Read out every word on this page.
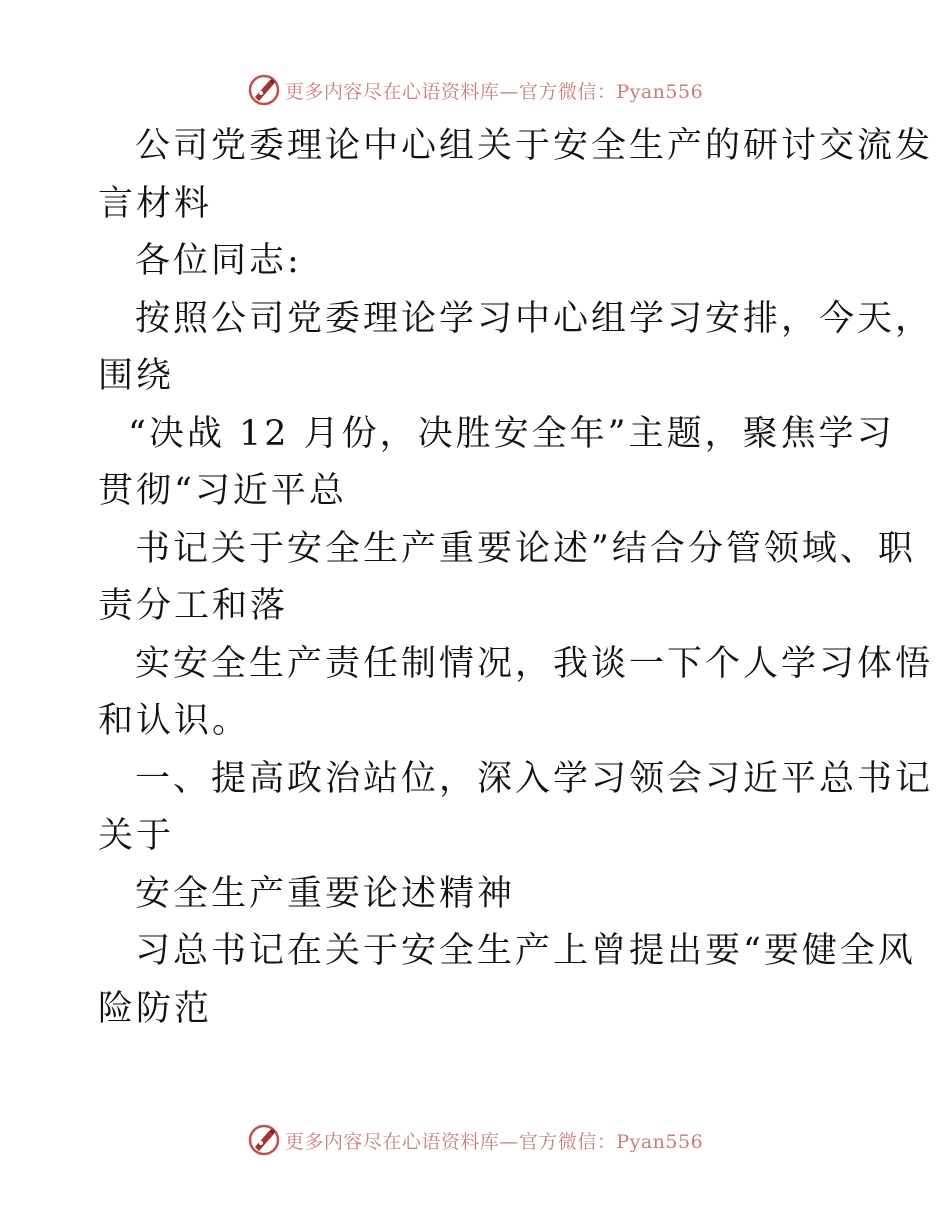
更多内容尽在心语资料库—官方微信：Pyan556
公司党委理论中心组关于安全生产的研讨交流发
言材料
各位同志:
按照公司党委理论学习中心组学习安排，今天，
围绕
“决战 12 月份，决胜安全年”主题，聚焦学习
贯彻“习近平总
书记关于安全生产重要论述”结合分管领域、职
责分工和落
实安全生产责任制情况，我谈一下个人学习体悟
和认识。
一、提高政治站位，深入学习领会习近平总书记
关于
安全生产重要论述精神
习总书记在关于安全生产上曾提出要“要健全风
险防范
更多内容尽在心语资料库—官方微信：Pyan556
